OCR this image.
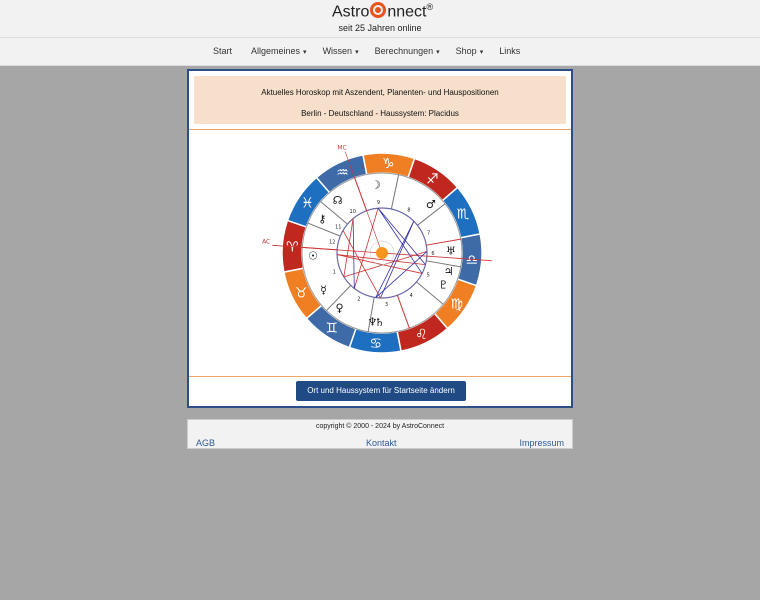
Astro nnect®
seit 25 Jahren online
Start	Allgemeines ▾	Wissen ▾	Berechnungen ▾	Shop ▾	Links
Aktuelles Horoskop mit Aszendent, Planenten- und Hauspositionen
Berlin - Deutschland - Haussystem: Placidus
♈
♉
♊
♋
♌
♍
♎
♏
♐
♑
♒
♓
1
2
3
4
5
6
7
8
9
10
11
12
AC
MC
☽
♂
☉
☿
♀
♄
♆
♇
♃
♅
☊
⚷
Ort und Haussystem für Startseite ändern
copyright © 2000 - 2024 by AstroConnect
AGB	Kontakt	Impressum
